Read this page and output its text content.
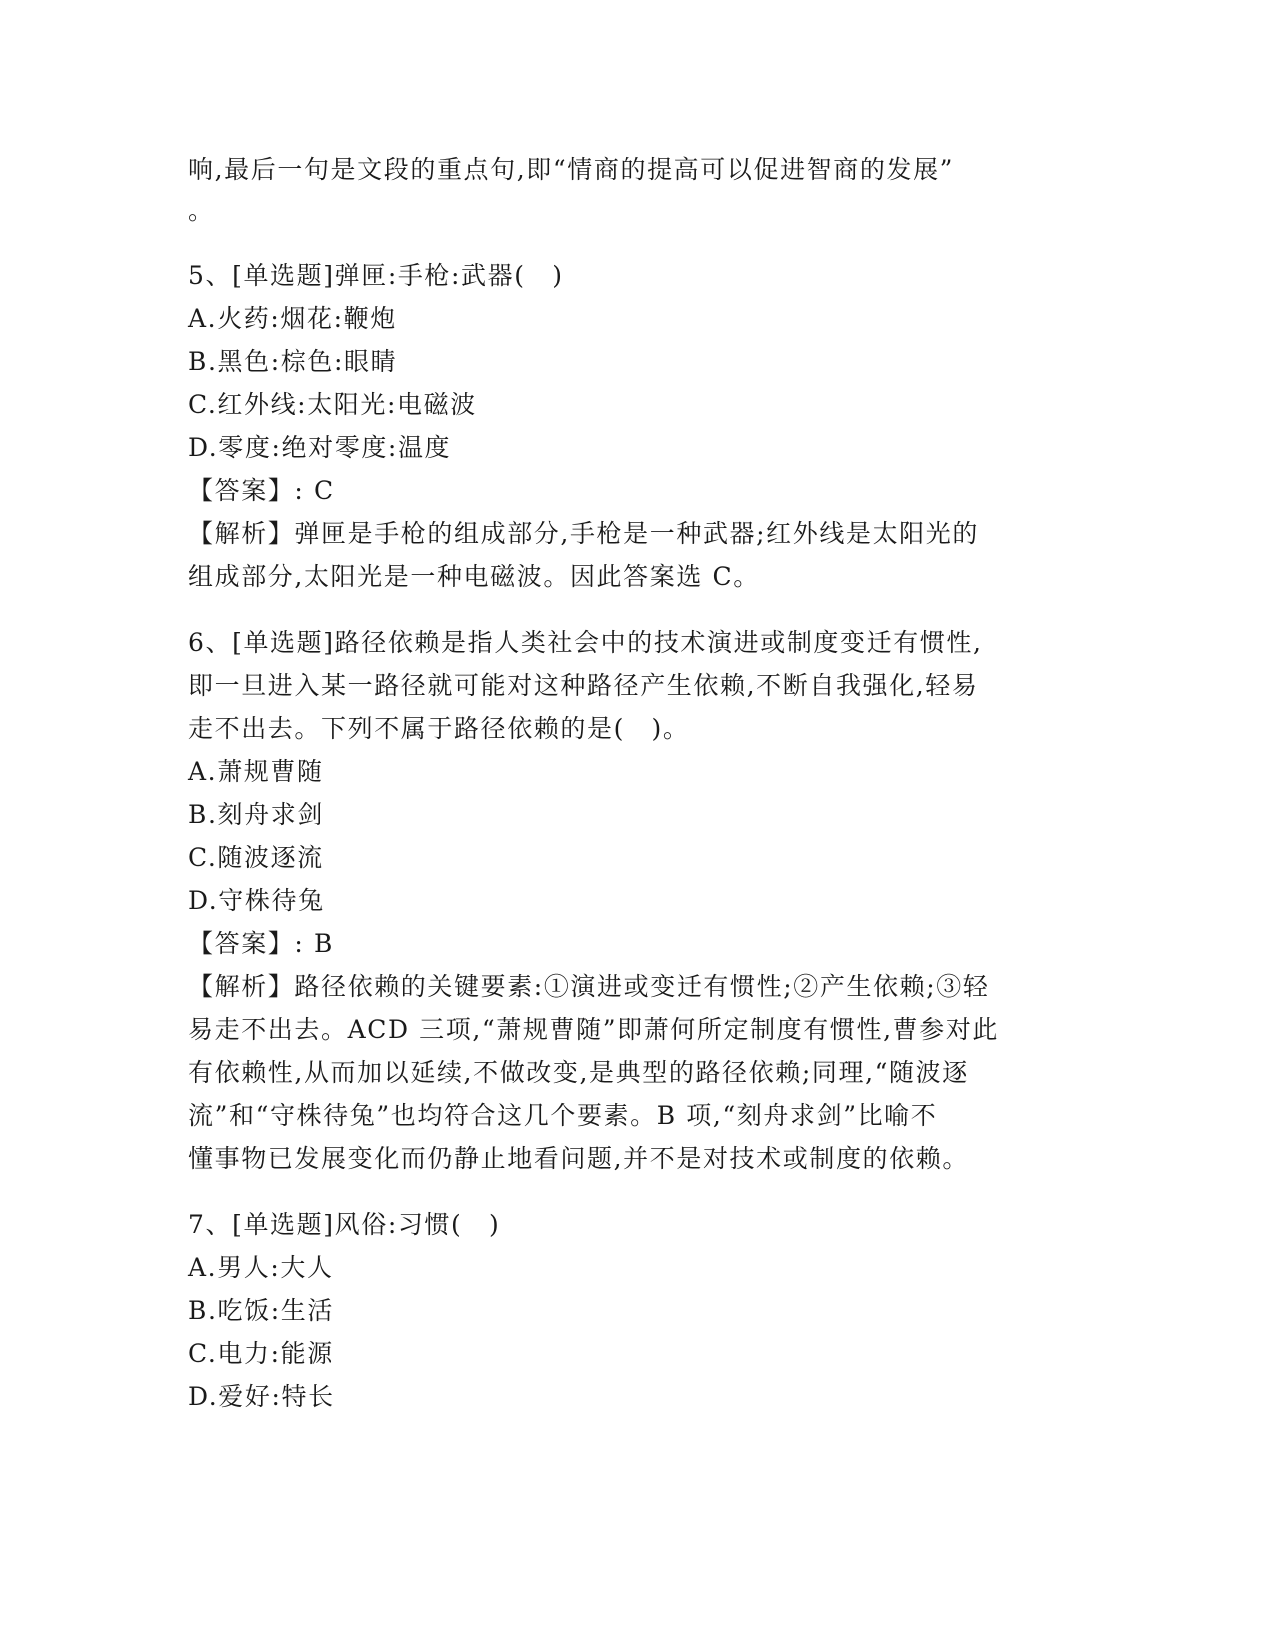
响,最后一句是文段的重点句,即“情商的提高可以促进智商的发展”
。
5、[单选题]弹匣:手枪:武器(　)
A.火药:烟花:鞭炮
B.黑色:棕色:眼睛
C.红外线:太阳光:电磁波
D.零度:绝对零度:温度
【答案】: C
【解析】弹匣是手枪的组成部分,手枪是一种武器;红外线是太阳光的
组成部分,太阳光是一种电磁波。因此答案选 C。
6、[单选题]路径依赖是指人类社会中的技术演进或制度变迁有惯性,
即一旦进入某一路径就可能对这种路径产生依赖,不断自我强化,轻易
走不出去。下列不属于路径依赖的是(　)。
A.萧规曹随
B.刻舟求剑
C.随波逐流
D.守株待兔
【答案】: B
【解析】路径依赖的关键要素:①演进或变迁有惯性;②产生依赖;③轻
易走不出去。ACD 三项,“萧规曹随”即萧何所定制度有惯性,曹参对此
有依赖性,从而加以延续,不做改变,是典型的路径依赖;同理,“随波逐
流”和“守株待兔”也均符合这几个要素。B 项,“刻舟求剑”比喻不
懂事物已发展变化而仍静止地看问题,并不是对技术或制度的依赖。
7、[单选题]风俗:习惯(　)
A.男人:大人
B.吃饭:生活
C.电力:能源
D.爱好:特长
